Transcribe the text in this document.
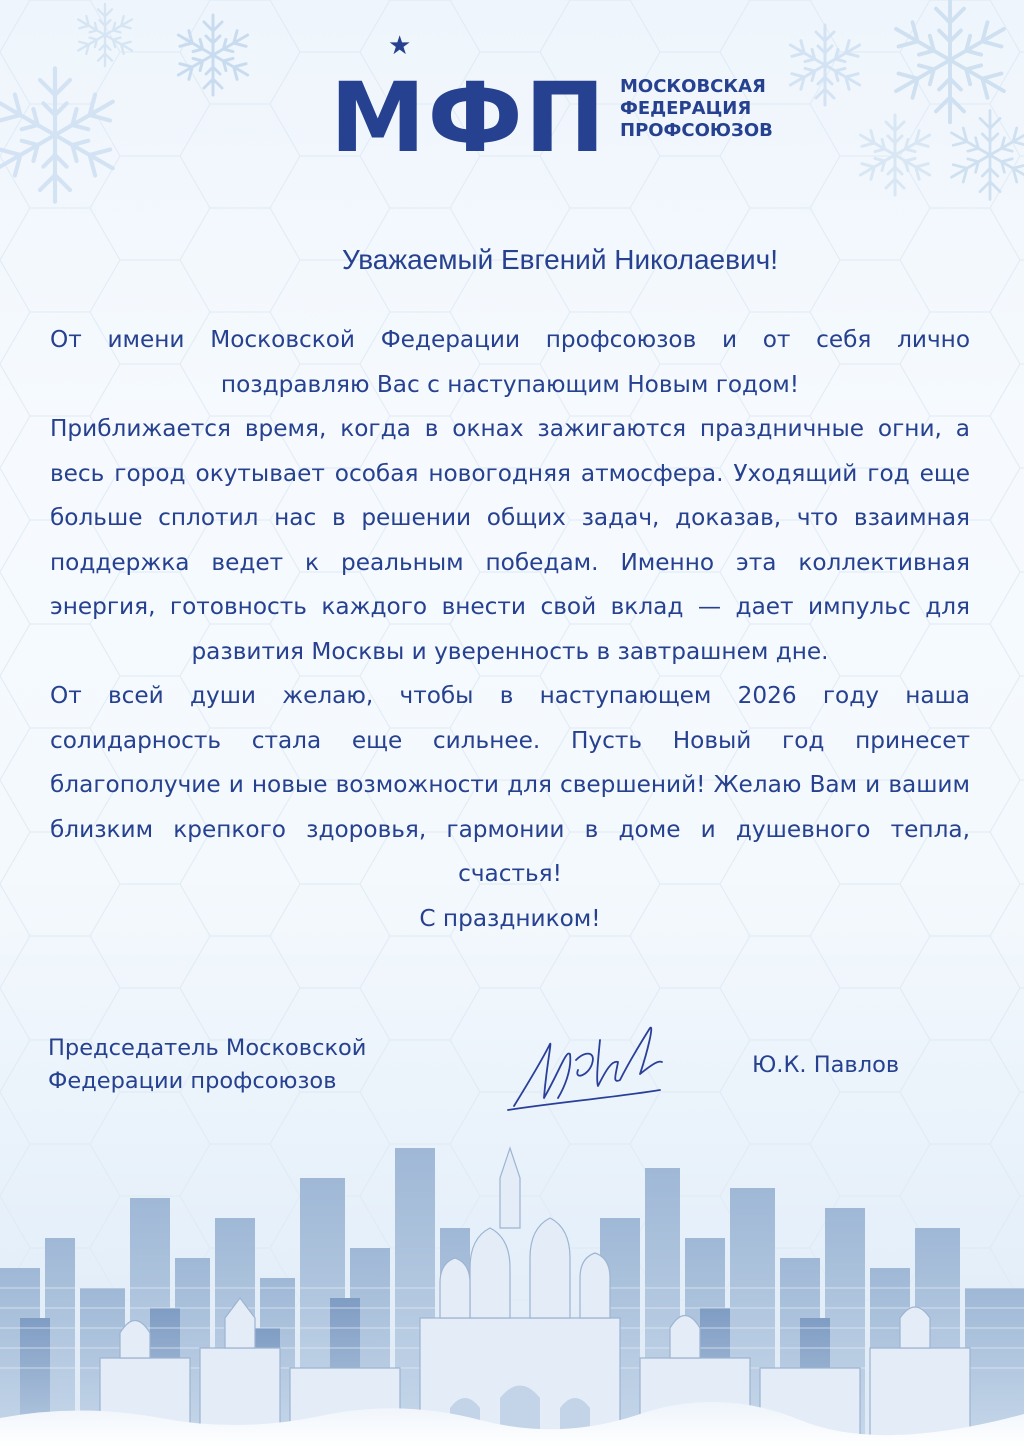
★
МФП МОСКОВСКАЯ
ФЕДЕРАЦИЯ
ПРОФСОЮЗОВ
Уважаемый Евгений Николаевич!

От имени Московской Федерации профсоюзов и от себя лично поздравляю Вас с наступающим Новым годом!

Приближается время, когда в окнах зажигаются праздничные огни, а весь город окутывает особая новогодняя атмосфера. Уходящий год еще больше сплотил нас в решении общих задач, доказав, что взаимная поддержка ведет к реальным победам. Именно эта коллективная энергия, готовность каждого внести свой вклад — дает импульс для развития Москвы и уверенность в завтрашнем дне.

От всей души желаю, чтобы в наступающем 2026 году наша солидарность стала еще сильнее. Пусть Новый год принесет благополучие и новые возможности для свершений! Желаю Вам и вашим близким крепкого здоровья, гармонии в доме и душевного тепла, счастья!

С праздником!

Председатель Московской
Федерации профсоюзов
Ю.К. Павлов
